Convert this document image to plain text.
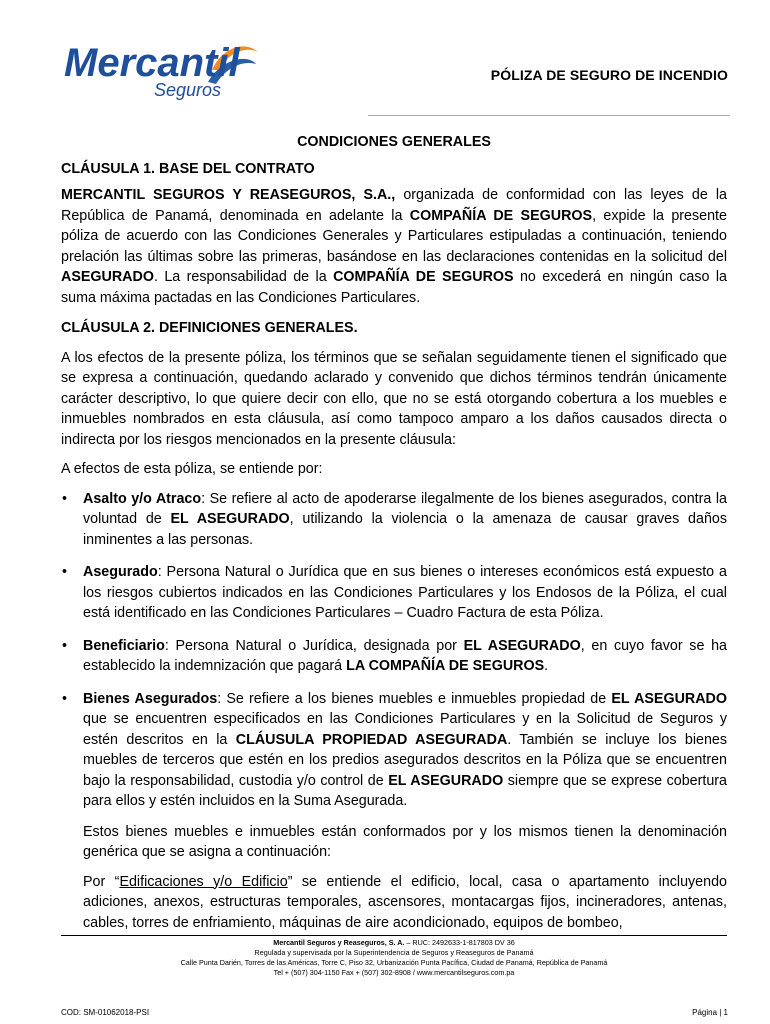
Mercantil
Seguros
PÓLIZA DE SEGURO DE INCENDIO
CONDICIONES GENERALES
CLÁUSULA 1. BASE DEL CONTRATO

MERCANTIL SEGUROS Y REASEGUROS, S.A., organizada de conformidad con las leyes de la República de Panamá, denominada en adelante la COMPAÑÍA DE SEGUROS, expide la presente póliza de acuerdo con las Condiciones Generales y Particulares estipuladas a continuación, teniendo prelación las últimas sobre las primeras, basándose en las declaraciones contenidas en la solicitud del ASEGURADO. La responsabilidad de la COMPAÑÍA DE SEGUROS no excederá en ningún caso la suma máxima pactadas en las Condiciones Particulares.

CLÁUSULA 2. DEFINICIONES GENERALES.

A los efectos de la presente póliza, los términos que se señalan seguidamente tienen el significado que se expresa a continuación, quedando aclarado y convenido que dichos términos tendrán únicamente carácter descriptivo, lo que quiere decir con ello, que no se está otorgando cobertura a los muebles e inmuebles nombrados en esta cláusula, así como tampoco amparo a los daños causados directa o indirecta por los riesgos mencionados en la presente cláusula:

A efectos de esta póliza, se entiende por:

• Asalto y/o Atraco: Se refiere al acto de apoderarse ilegalmente de los bienes asegurados, contra la voluntad de EL ASEGURADO, utilizando la violencia o la amenaza de causar graves daños inminentes a las personas.
• Asegurado: Persona Natural o Jurídica que en sus bienes o intereses económicos está expuesto a los riesgos cubiertos indicados en las Condiciones Particulares y los Endosos de la Póliza, el cual está identificado en las Condiciones Particulares – Cuadro Factura de esta Póliza.
• Beneficiario: Persona Natural o Jurídica, designada por EL ASEGURADO, en cuyo favor se ha establecido la indemnización que pagará LA COMPAÑÍA DE SEGUROS.
• Bienes Asegurados: Se refiere a los bienes muebles e inmuebles propiedad de EL ASEGURADO que se encuentren especificados en las Condiciones Particulares y en la Solicitud de Seguros y estén descritos en la CLÁUSULA PROPIEDAD ASEGURADA. También se incluye los bienes muebles de terceros que estén en los predios asegurados descritos en la Póliza que se encuentren bajo la responsabilidad, custodia y/o control de EL ASEGURADO siempre que se exprese cobertura para ellos y estén incluidos en la Suma Asegurada.

Estos bienes muebles e inmuebles están conformados por y los mismos tienen la denominación genérica que se asigna a continuación:

Por “Edificaciones y/o Edificio” se entiende el edificio, local, casa o apartamento incluyendo adiciones, anexos, estructuras temporales, ascensores, montacargas fijos, incineradores, antenas, cables, torres de enfriamiento, máquinas de aire acondicionado, equipos de bombeo,

Mercantil Seguros y Reaseguros, S. A. – RUC: 2492633-1-817803 DV 36
Regulada y supervisada por la Superintendencia de Seguros y Reaseguros de Panamá
Calle Punta Darién, Torres de las Américas, Torre C, Piso 32, Urbanización Punta Pacífica, Ciudad de Panamá, República de Panamá
Tel + (507) 304-1150 Fax + (507) 302-8908 / www.mercantilseguros.com.pa
COD: SM-01062018-PSI	Página | 1
